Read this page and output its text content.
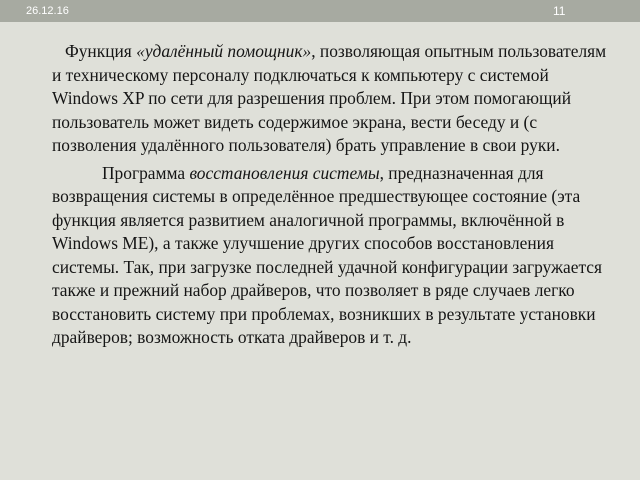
26.12.16	11

Функция «удалённый помощник», позволяющая опытным пользователям и техническому персоналу подключаться к компьютеру с системой Windows XP по сети для разрешения проблем. При этом помогающий пользователь может видеть содержимое экрана, вести беседу и (с позволения удалённого пользователя) брать управление в свои руки.

Программа восстановления системы, предназначенная для возвращения системы в определённое предшествующее состояние (эта функция является развитием аналогичной программы, включённой в Windows ME), а также улучшение других способов восстановления системы. Так, при загрузке последней удачной конфигурации загружается также и прежний набор драйверов, что позволяет в ряде случаев легко восстановить систему при проблемах, возникших в результате установки драйверов; возможность отката драйверов и т. д.
